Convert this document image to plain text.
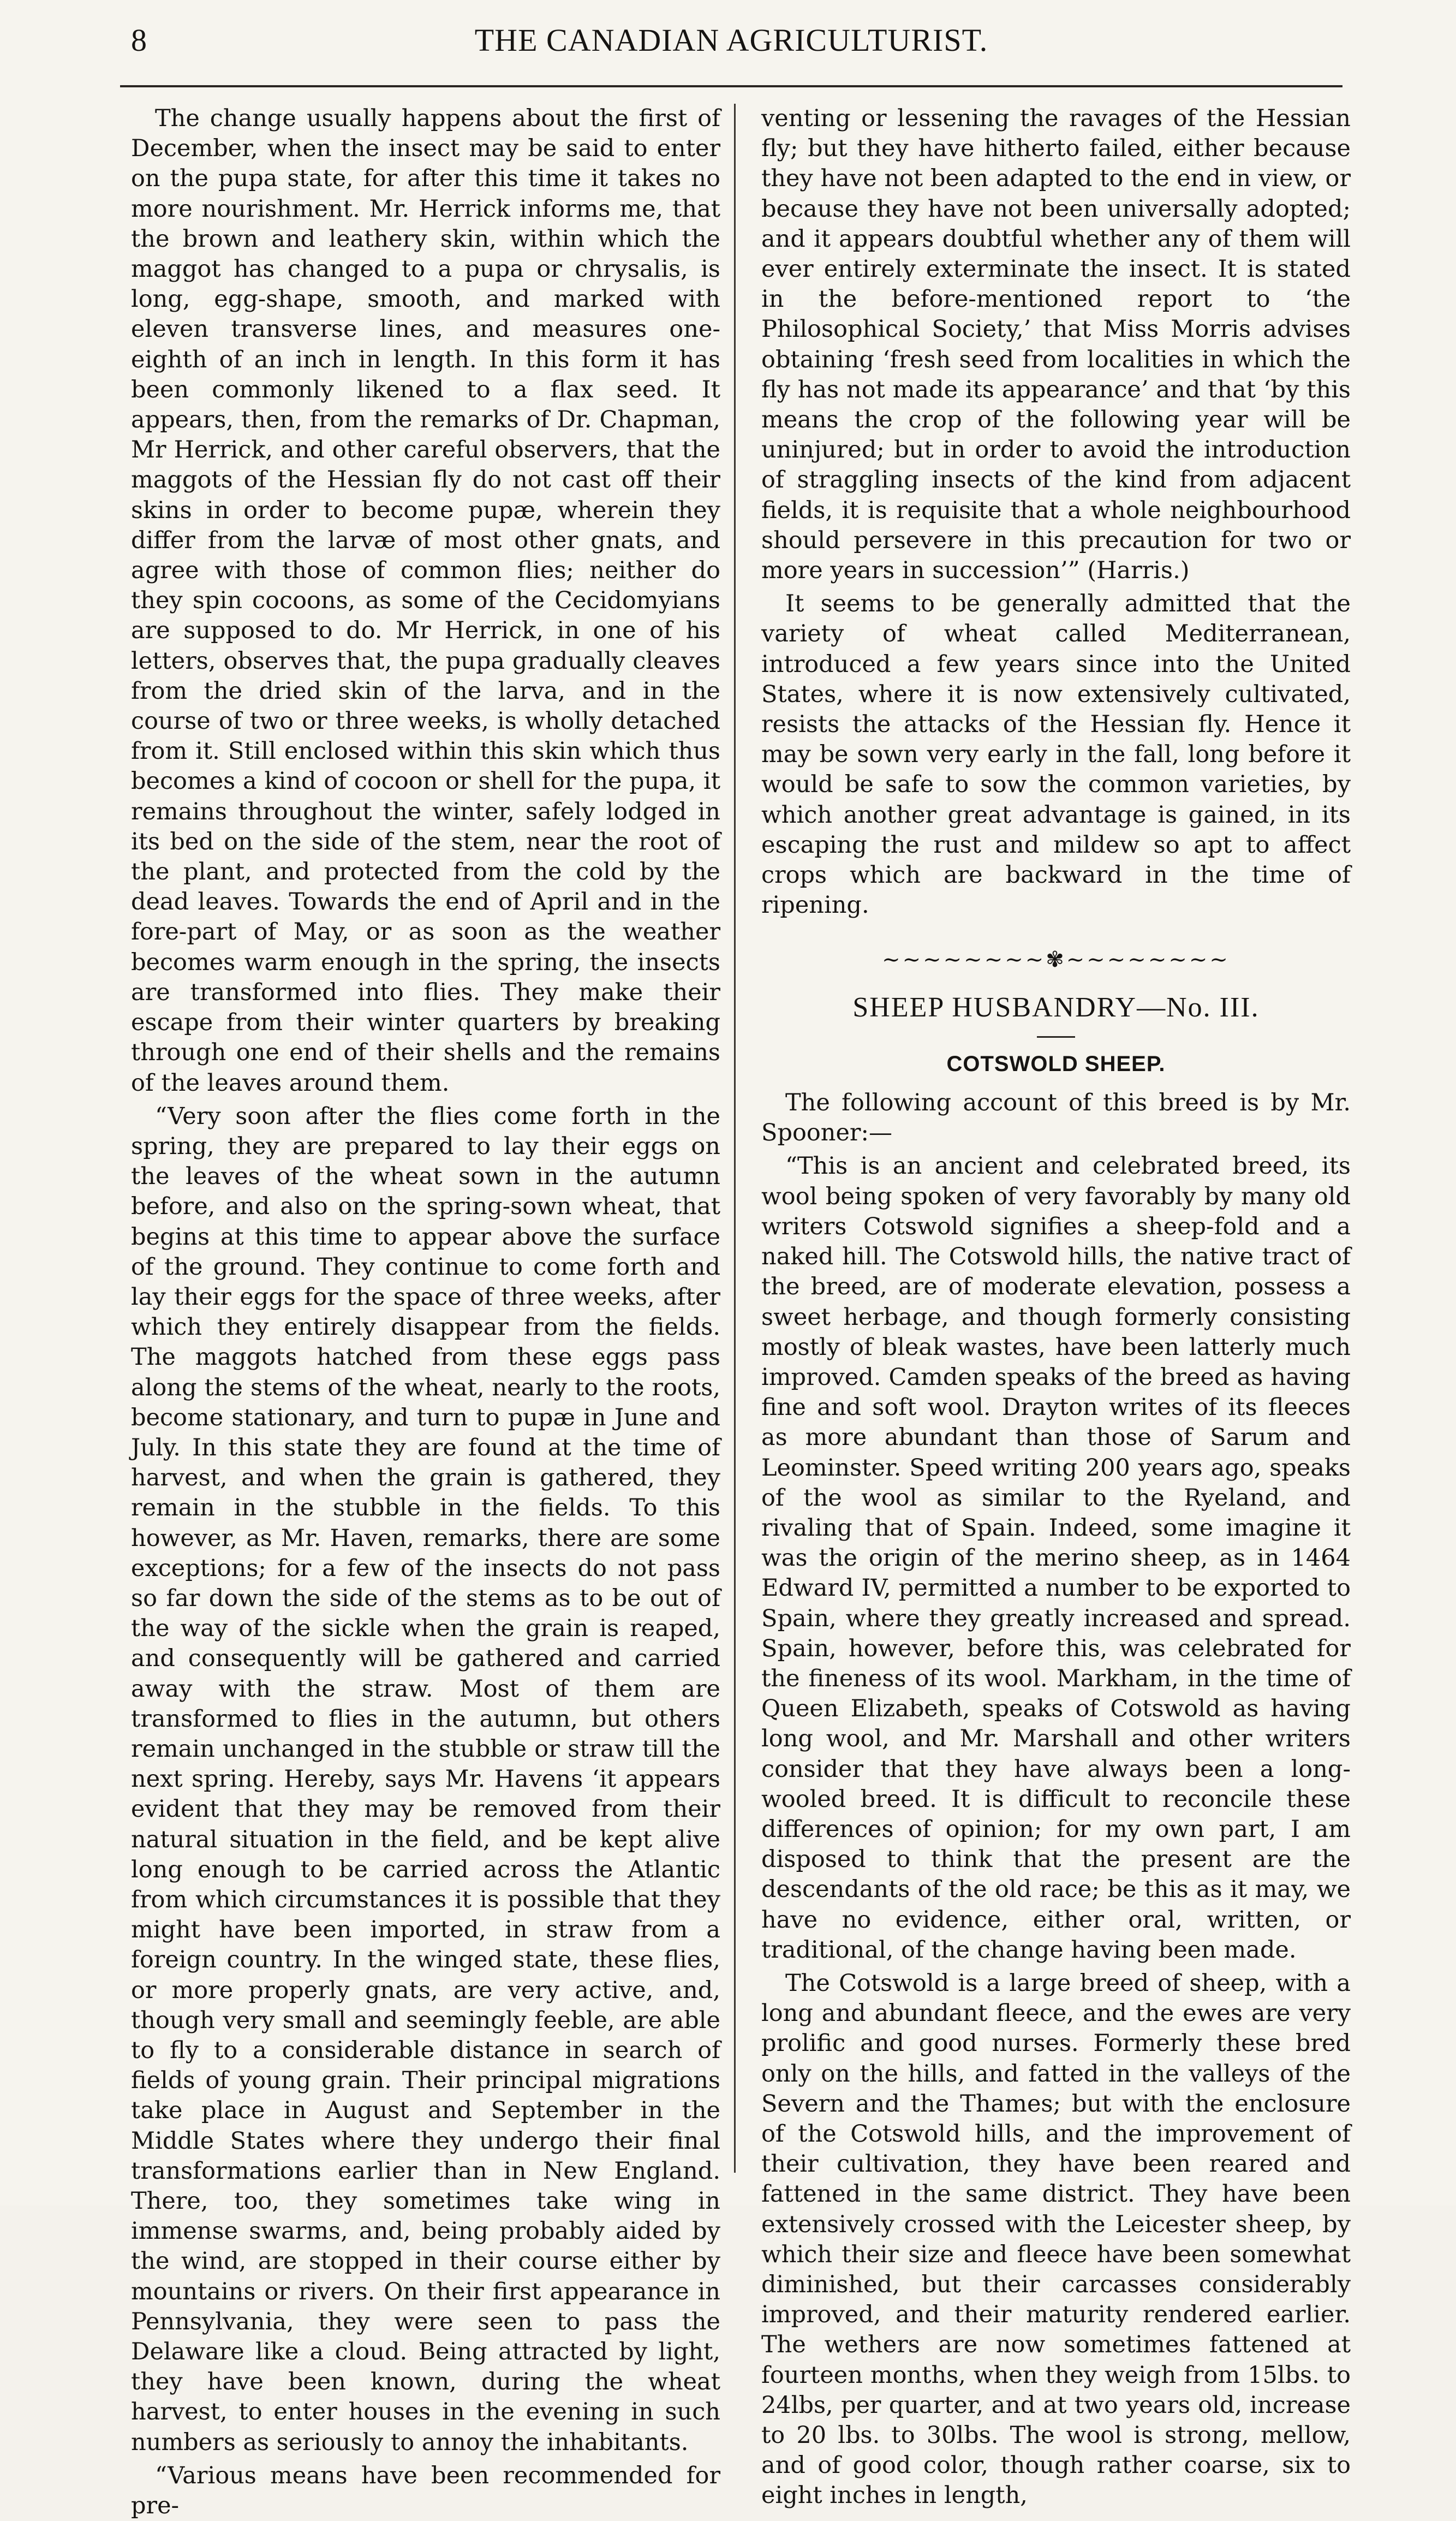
8	THE CANADIAN AGRICULTURIST.

The change usually happens about the first of December, when the insect may be said to enter on the pupa state, for after this time it takes no more nourishment. Mr. Herrick informs me, that the brown and leathery skin, within which the maggot has changed to a pupa or chrysalis, is long, egg-shape, smooth, and marked with eleven transverse lines, and measures one-eighth of an inch in length. In this form it has been commonly likened to a flax seed. It appears, then, from the remarks of Dr. Chapman, Mr Herrick, and other careful observers, that the maggots of the Hessian fly do not cast off their skins in order to become pupæ, wherein they differ from the larvæ of most other gnats, and agree with those of common flies; neither do they spin cocoons, as some of the Cecidomyians are supposed to do. Mr Herrick, in one of his letters, observes that, the pupa gradually cleaves from the dried skin of the larva, and in the course of two or three weeks, is wholly detached from it. Still enclosed within this skin which thus becomes a kind of cocoon or shell for the pupa, it remains throughout the winter, safely lodged in its bed on the side of the stem, near the root of the plant, and protected from the cold by the dead leaves. Towards the end of April and in the fore-part of May, or as soon as the weather becomes warm enough in the spring, the insects are transformed into flies. They make their escape from their winter quarters by breaking through one end of their shells and the remains of the leaves around them.

“Very soon after the flies come forth in the spring, they are prepared to lay their eggs on the leaves of the wheat sown in the autumn before, and also on the spring-sown wheat, that begins at this time to appear above the surface of the ground. They continue to come forth and lay their eggs for the space of three weeks, after which they entirely disappear from the fields. The maggots hatched from these eggs pass along the stems of the wheat, nearly to the roots, become stationary, and turn to pupæ in June and July. In this state they are found at the time of harvest, and when the grain is gathered, they remain in the stubble in the fields. To this however, as Mr. Haven, remarks, there are some exceptions; for a few of the insects do not pass so far down the side of the stems as to be out of the way of the sickle when the grain is reaped, and consequently will be gathered and carried away with the straw. Most of them are transformed to flies in the autumn, but others remain unchanged in the stubble or straw till the next spring. Hereby, says Mr. Havens ‘it appears evident that they may be removed from their natural situation in the field, and be kept alive long enough to be carried across the Atlantic from which circumstances it is possible that they might have been imported, in straw from a foreign country. In the winged state, these flies, or more properly gnats, are very active, and, though very small and seemingly feeble, are able to fly to a considerable distance in search of fields of young grain. Their principal migrations take place in August and September in the Middle States where they undergo their final transformations earlier than in New England. There, too, they sometimes take wing in immense swarms, and, being probably aided by the wind, are stopped in their course either by mountains or rivers. On their first appearance in Pennsylvania, they were seen to pass the Delaware like a cloud. Being attracted by light, they have been known, during the wheat harvest, to enter houses in the evening in such numbers as seriously to annoy the inhabitants.

“Various means have been recommended for pre-

venting or lessening the ravages of the Hessian fly; but they have hitherto failed, either because they have not been adapted to the end in view, or because they have not been universally adopted; and it appears doubtful whether any of them will ever entirely exterminate the insect. It is stated in the before-mentioned report to ‘the Philosophical Society,’ that Miss Morris advises obtaining ‘fresh seed from localities in which the fly has not made its appearance’ and that ‘by this means the crop of the following year will be uninjured; but in order to avoid the introduction of straggling insects of the kind from adjacent fields, it is requisite that a whole neighbourhood should persevere in this precaution for two or more years in succession’” (Harris.)

It seems to be generally admitted that the variety of wheat called Mediterranean, introduced a few years since into the United States, where it is now extensively cultivated, resists the attacks of the Hessian fly. Hence it may be sown very early in the fall, long before it would be safe to sow the common varieties, by which another great advantage is gained, in its escaping the rust and mildew so apt to affect crops which are backward in the time of ripening.

~~~~~~~~✾~~~~~~~~
SHEEP HUSBANDRY—No. III.
COTSWOLD SHEEP.

The following account of this breed is by Mr. Spooner:—

“This is an ancient and celebrated breed, its wool being spoken of very favorably by many old writers Cotswold signifies a sheep-fold and a naked hill. The Cotswold hills, the native tract of the breed, are of moderate elevation, possess a sweet herbage, and though formerly consisting mostly of bleak wastes, have been latterly much improved. Camden speaks of the breed as having fine and soft wool. Drayton writes of its fleeces as more abundant than those of Sarum and Leominster. Speed writing 200 years ago, speaks of the wool as similar to the Ryeland, and rivaling that of Spain. Indeed, some imagine it was the origin of the merino sheep, as in 1464 Edward IV, permitted a number to be exported to Spain, where they greatly increased and spread. Spain, however, before this, was celebrated for the fineness of its wool. Markham, in the time of Queen Elizabeth, speaks of Cotswold as having long wool, and Mr. Marshall and other writers consider that they have always been a long-wooled breed. It is difficult to reconcile these differences of opinion; for my own part, I am disposed to think that the present are the descendants of the old race; be this as it may, we have no evidence, either oral, written, or traditional, of the change having been made.

The Cotswold is a large breed of sheep, with a long and abundant fleece, and the ewes are very prolific and good nurses. Formerly these bred only on the hills, and fatted in the valleys of the Severn and the Thames; but with the enclosure of the Cotswold hills, and the improvement of their cultivation, they have been reared and fattened in the same district. They have been extensively crossed with the Leicester sheep, by which their size and fleece have been somewhat diminished, but their carcasses considerably improved, and their maturity rendered earlier. The wethers are now sometimes fattened at fourteen months, when they weigh from 15lbs. to 24lbs, per quarter, and at two years old, increase to 20 lbs. to 30lbs. The wool is strong, mellow, and of good color, though rather coarse, six to eight inches in length,
